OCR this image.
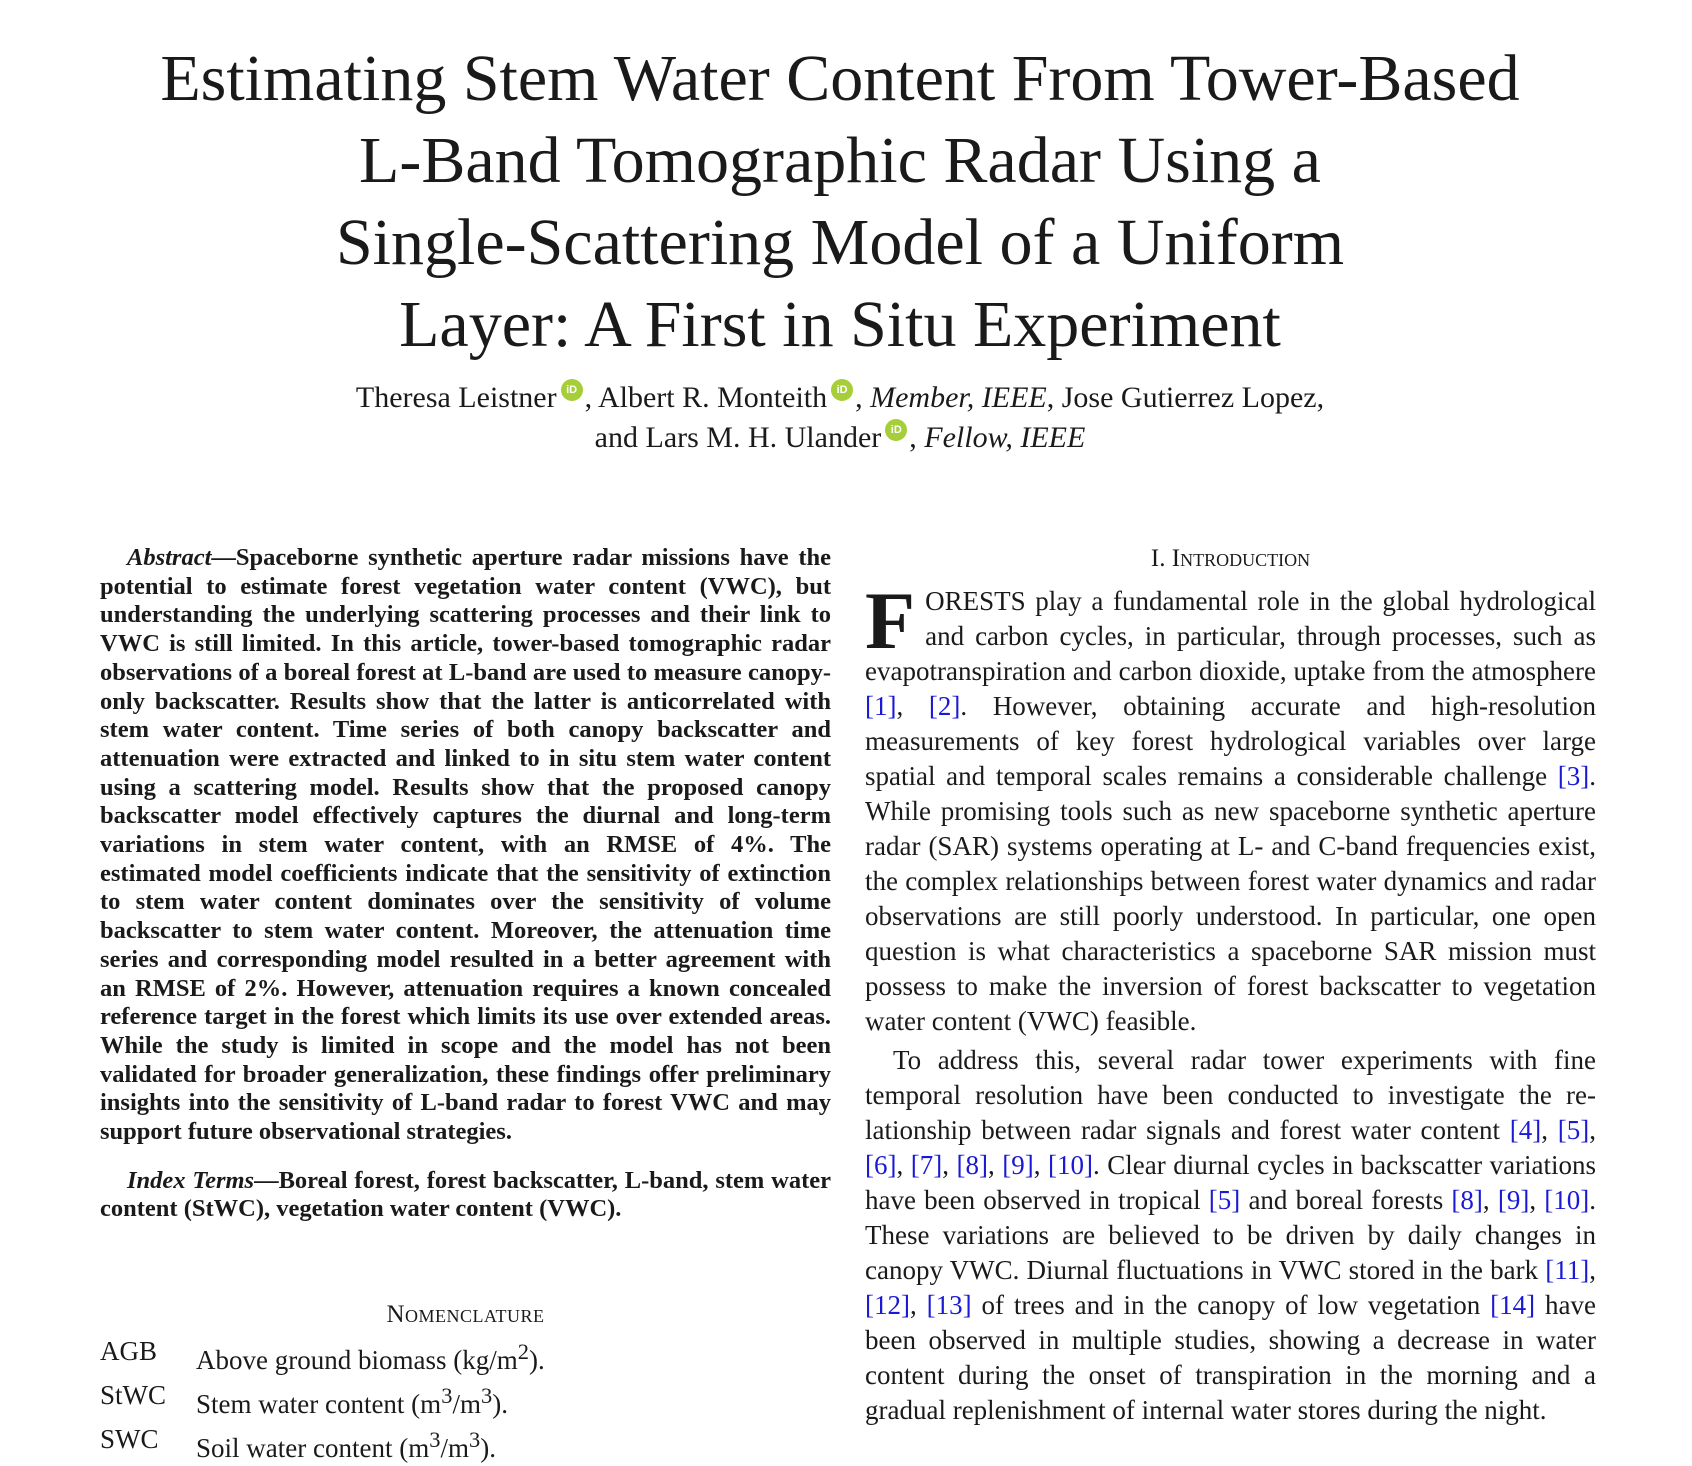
Estimating Stem Water Content From Tower-Based
L-Band Tomographic Radar Using a
Single-Scattering Model of a Uniform
Layer: A First in Situ Experiment
Theresa Leistner iD , Albert R. Monteith iD , Member, IEEE, Jose Gutierrez Lopez,
and Lars M. H. Ulander iD , Fellow, IEEE

Abstract—Spaceborne synthetic aperture radar missions have the potential to estimate forest vegetation water content (VWC), but understanding the underlying scattering processes and their link to VWC is still limited. In this article, tower-based tomographic radar observations of a boreal forest at L-band are used to measure canopy-only backscatter. Results show that the latter is anticorrelated with stem water content. Time series of both canopy backscatter and attenuation were extracted and linked to in situ stem water content using a scattering model. Results show that the proposed canopy backscatter model effectively captures the diurnal and long-term variations in stem water content, with an RMSE of 4%. The estimated model coefficients indicate that the sensitivity of extinction to stem water content dominates over the sensitivity of volume backscatter to stem water content. Moreover, the attenuation time series and corresponding model resulted in a better agreement with an RMSE of 2%. However, attenuation requires a known concealed reference target in the forest which limits its use over extended areas. While the study is limited in scope and the model has not been validated for broader generalization, these findings offer preliminary insights into the sensitivity of L-band radar to forest VWC and may support future observational strategies.

Index Terms—Boreal forest, forest backscatter, L-band, stem water content (StWC), vegetation water content (VWC).

Nomenclature
AGB	Above ground biomass $(kg/m^2)$.
StWC	Stem water content $(m^3/m^3)$.
SWC	Soil water content $(m^3/m^3)$.
I. Introduction

FORESTS play a fundamental role in the global hydrological and carbon cycles, in particular, through processes, such as evapotranspiration and carbon dioxide, uptake from the atmosphere [1], [2]. However, obtaining accurate and high-resolution measurements of key forest hydrological variables over large spatial and temporal scales remains a considerable challenge [3]. While promising tools such as new spaceborne synthetic aperture radar (SAR) systems operating at L- and C-band frequencies exist, the complex relationships between forest water dynamics and radar observations are still poorly understood. In particular, one open question is what characteristics a spaceborne SAR mission must possess to make the inversion of forest backscatter to vegetation water content (VWC) feasible.

To address this, several radar tower experiments with fine temporal resolution have been conducted to investigate the relationship between radar signals and forest water content [4], [5], [6], [7], [8], [9], [10]. Clear diurnal cycles in backscatter variations have been observed in tropical [5] and boreal forests [8], [9], [10]. These variations are believed to be driven by daily changes in canopy VWC. Diurnal fluctuations in VWC stored in the bark [11], [12], [13] of trees and in the canopy of low vegetation [14] have been observed in multiple studies, showing a decrease in water content during the onset of transpiration in the morning and a gradual replenishment of internal water stores during the night.
